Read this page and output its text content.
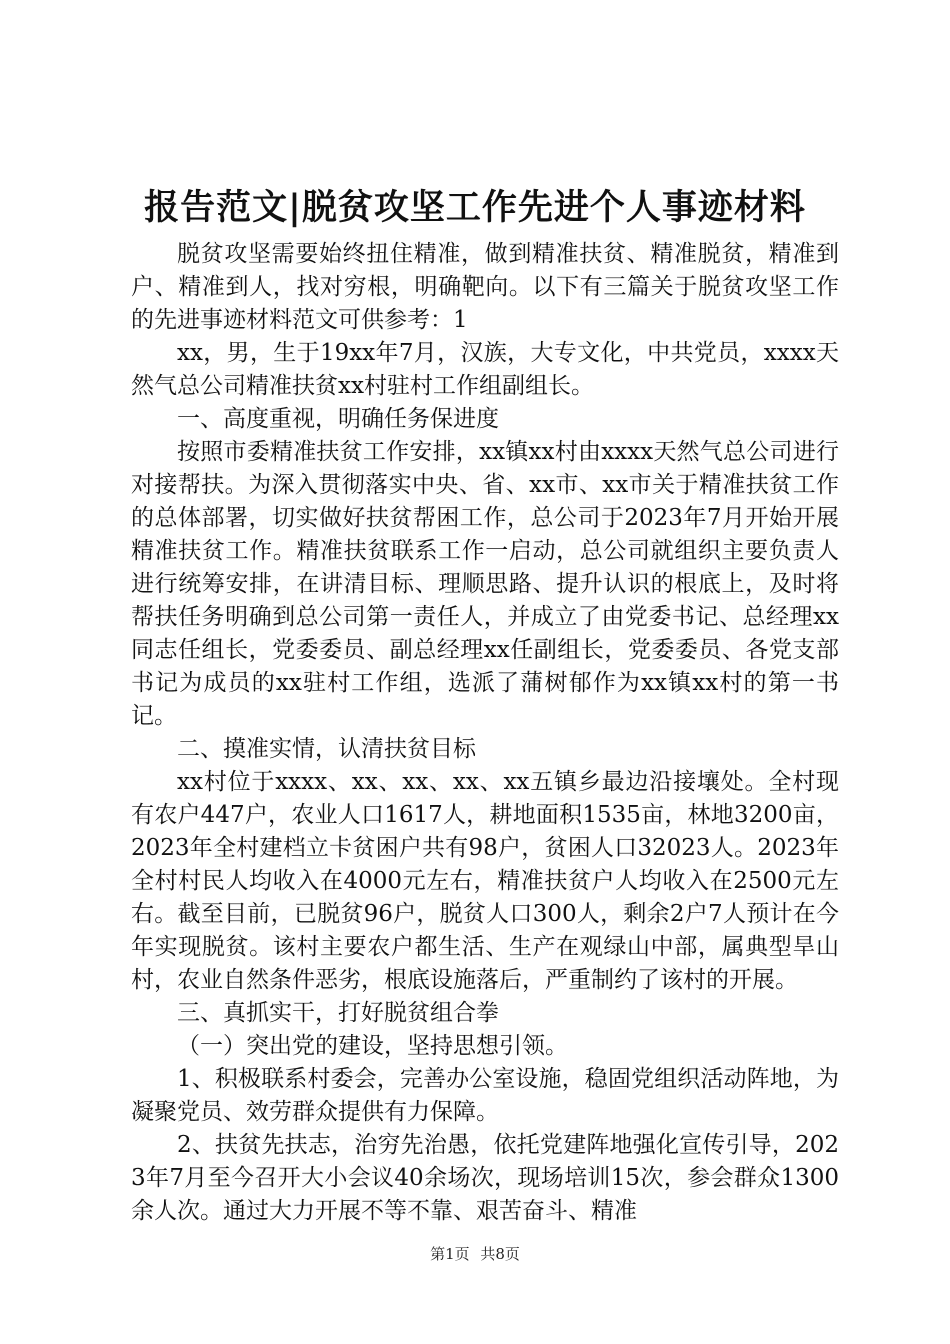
报告范文|脱贫攻坚工作先进个人事迹材料

脱贫攻坚需要始终扭住精准，做到精准扶贫、精准脱贫，精准到户、精准到人，找对穷根，明确靶向。以下有三篇关于脱贫攻坚工作的先进事迹材料范文可供参考：1

xx，男，生于19xx年7月，汉族，大专文化，中共党员，xxxx天然气总公司精准扶贫xx村驻村工作组副组长。

一、高度重视，明确任务保进度

按照市委精准扶贫工作安排，xx镇xx村由xxxx天然气总公司进行对接帮扶。为深入贯彻落实中央、省、xx市、xx市关于精准扶贫工作的总体部署，切实做好扶贫帮困工作，总公司于2023年7月开始开展精准扶贫工作。精准扶贫联系工作一启动，总公司就组织主要负责人进行统筹安排，在讲清目标、理顺思路、提升认识的根底上，及时将帮扶任务明确到总公司第一责任人，并成立了由党委书记、总经理xx同志任组长，党委委员、副总经理xx任副组长，党委委员、各党支部书记为成员的xx驻村工作组，选派了蒲树郁作为xx镇xx村的第一书记。

二、摸准实情，认清扶贫目标

xx村位于xxxx、xx、xx、xx、xx五镇乡最边沿接壤处。全村现有农户447户，农业人口1617人，耕地面积1535亩，林地3200亩，2023年全村建档立卡贫困户共有98户，贫困人口32023人。2023年全村村民人均收入在4000元左右，精准扶贫户人均收入在2500元左右。截至目前，已脱贫96户，脱贫人口300人，剩余2户7人预计在今年实现脱贫。该村主要农户都生活、生产在观绿山中部，属典型旱山村，农业自然条件恶劣，根底设施落后，严重制约了该村的开展。

三、真抓实干，打好脱贫组合拳

（一）突出党的建设，坚持思想引领。

1、积极联系村委会，完善办公室设施，稳固党组织活动阵地，为凝聚党员、效劳群众提供有力保障。

2、扶贫先扶志，治穷先治愚，依托党建阵地强化宣传引导，2023年7月至今召开大小会议40余场次，现场培训15次，参会群众1300余人次。通过大力开展不等不靠、艰苦奋斗、精准

第1页 共8页
